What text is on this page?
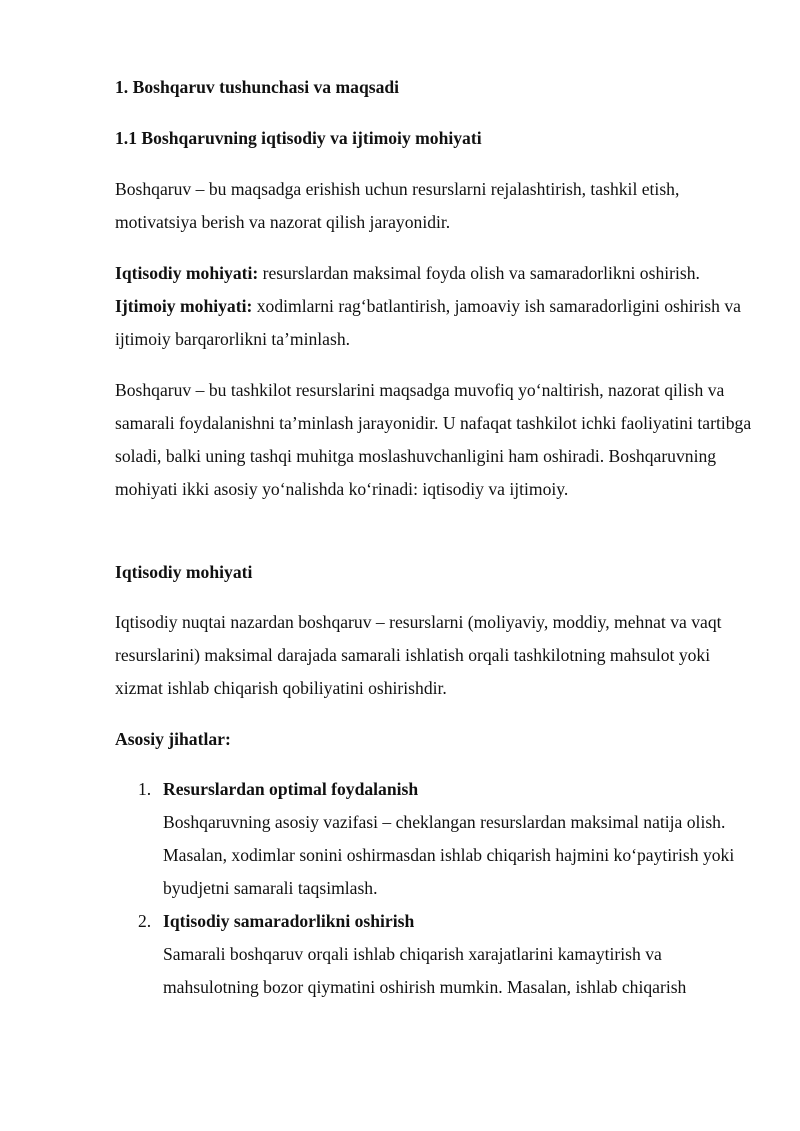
1. Boshqaruv tushunchasi va maqsadi

1.1 Boshqaruvning iqtisodiy va ijtimoiy mohiyati

Boshqaruv – bu maqsadga erishish uchun resurslarni rejalashtirish, tashkil etish, motivatsiya berish va nazorat qilish jarayonidir.

Iqtisodiy mohiyati: resurslardan maksimal foyda olish va samaradorlikni oshirish.

Ijtimoiy mohiyati: xodimlarni rag‘batlantirish, jamoaviy ish samaradorligini oshirish va ijtimoiy barqarorlikni ta’minlash.

Boshqaruv – bu tashkilot resurslarini maqsadga muvofiq yo‘naltirish, nazorat qilish va samarali foydalanishni ta’minlash jarayonidir. U nafaqat tashkilot ichki faoliyatini tartibga soladi, balki uning tashqi muhitga moslashuvchanligini ham oshiradi. Boshqaruvning mohiyati ikki asosiy yo‘nalishda ko‘rinadi: iqtisodiy va ijtimoiy.

Iqtisodiy mohiyati

Iqtisodiy nuqtai nazardan boshqaruv – resurslarni (moliyaviy, moddiy, mehnat va vaqt resurslarini) maksimal darajada samarali ishlatish orqali tashkilotning mahsulot yoki xizmat ishlab chiqarish qobiliyatini oshirishdir.

Asosiy jihatlar:

1. Resurslardan optimal foydalanish
Boshqaruvning asosiy vazifasi – cheklangan resurslardan maksimal natija olish. Masalan, xodimlar sonini oshirmasdan ishlab chiqarish hajmini ko‘paytirish yoki byudjetni samarali taqsimlash.
2. Iqtisodiy samaradorlikni oshirish
Samarali boshqaruv orqali ishlab chiqarish xarajatlarini kamaytirish va mahsulotning bozor qiymatini oshirish mumkin. Masalan, ishlab chiqarish
